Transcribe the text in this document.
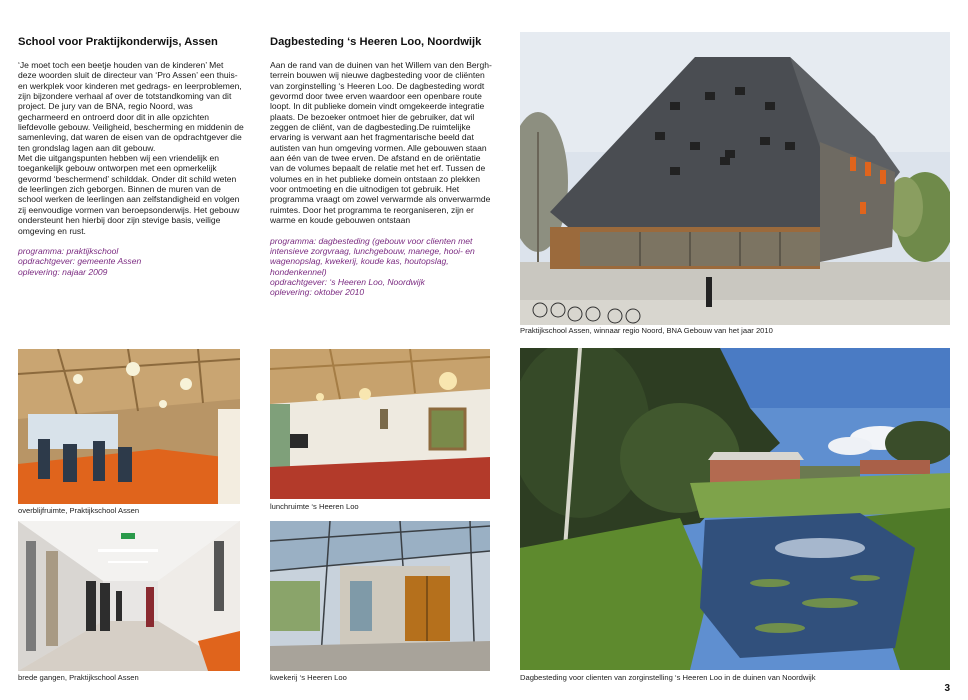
School voor Praktijkonderwijs, Assen

‘Je moet toch een beetje houden van de kinderen’ Met deze woorden sluit de directeur van ‘Pro Assen’ een thuis- en werkplek voor kinderen met gedrags- en leerproblemen, zijn bijzondere verhaal af over de totstandkoming van dit project. De jury van de BNA, regio Noord, was gecharmeerd en ontroerd door dit in alle opzichten liefdevolle gebouw. Veiligheid, bescherming en middenin de samenleving, dat waren de eisen van de opdrachtgever die ten grondslag lagen aan dit gebouw.
Met die uitgangspunten hebben wij een vriendelijk en toegankelijk gebouw ontworpen met een opmerkelijk gevormd ‘beschermend’ schilddak. Onder dit schild weten de leerlingen zich geborgen. Binnen de muren van de school werken de leerlingen aan zelfstandigheid en volgen zij eenvoudige vormen van beroepsonderwijs. Het gebouw ondersteunt hen hierbij door zijn stevige basis, veilige omgeving en rust.

programma: praktijkschool

opdrachtgever: gemeente Assen

oplevering: najaar 2009

Dagbesteding ‘s Heeren Loo, Noordwijk

Aan de rand van de duinen van het Willem van den Bergh-terrein bouwen wij nieuwe dagbesteding voor de cliënten van zorginstelling ‘s Heeren Loo. De dagbesteding wordt gevormd door twee erven waardoor een openbare route loopt. In dit publieke domein vindt omgekeerde integratie plaats. De bezoeker ontmoet hier de gebruiker, dat wil zeggen de cliënt, van de dagbesteding.De ruimtelijke ervaring is verwant aan het fragmentarische beeld dat autisten van hun omgeving vormen. Alle gebouwen staan aan één van de twee erven. De afstand en de oriëntatie van de volumes bepaalt de relatie met het erf. Tussen de volumes en in het publieke domein ontstaan zo plekken voor ontmoeting en die uitnodigen tot gebruik. Het programma vraagt om zowel verwarmde als onverwarmde ruimtes. Door het programma te reorganiseren, zijn er warme en koude gebouwen ontstaan

programma: dagbesteding (gebouw voor clienten met intensieve zorgvraag, lunchgebouw, manege, hooi- en wagenopslag, kwekerij, koude kas, houtopslag, hondenkennel)

opdrachtgever: ‘s Heeren Loo, Noordwijk

oplevering: oktober 2010

Praktijkschool Assen, winnaar regio Noord, BNA Gebouw van het jaar 2010
overblijfruimte, Praktijkschool Assen	lunchruimte ‘s Heeren Loo
brede gangen, Praktijkschool Assen	kwekerij ‘s Heeren Loo	Dagbesteding voor clienten van zorginstelling ‘s Heeren Loo in de duinen van Noordwijk
3
